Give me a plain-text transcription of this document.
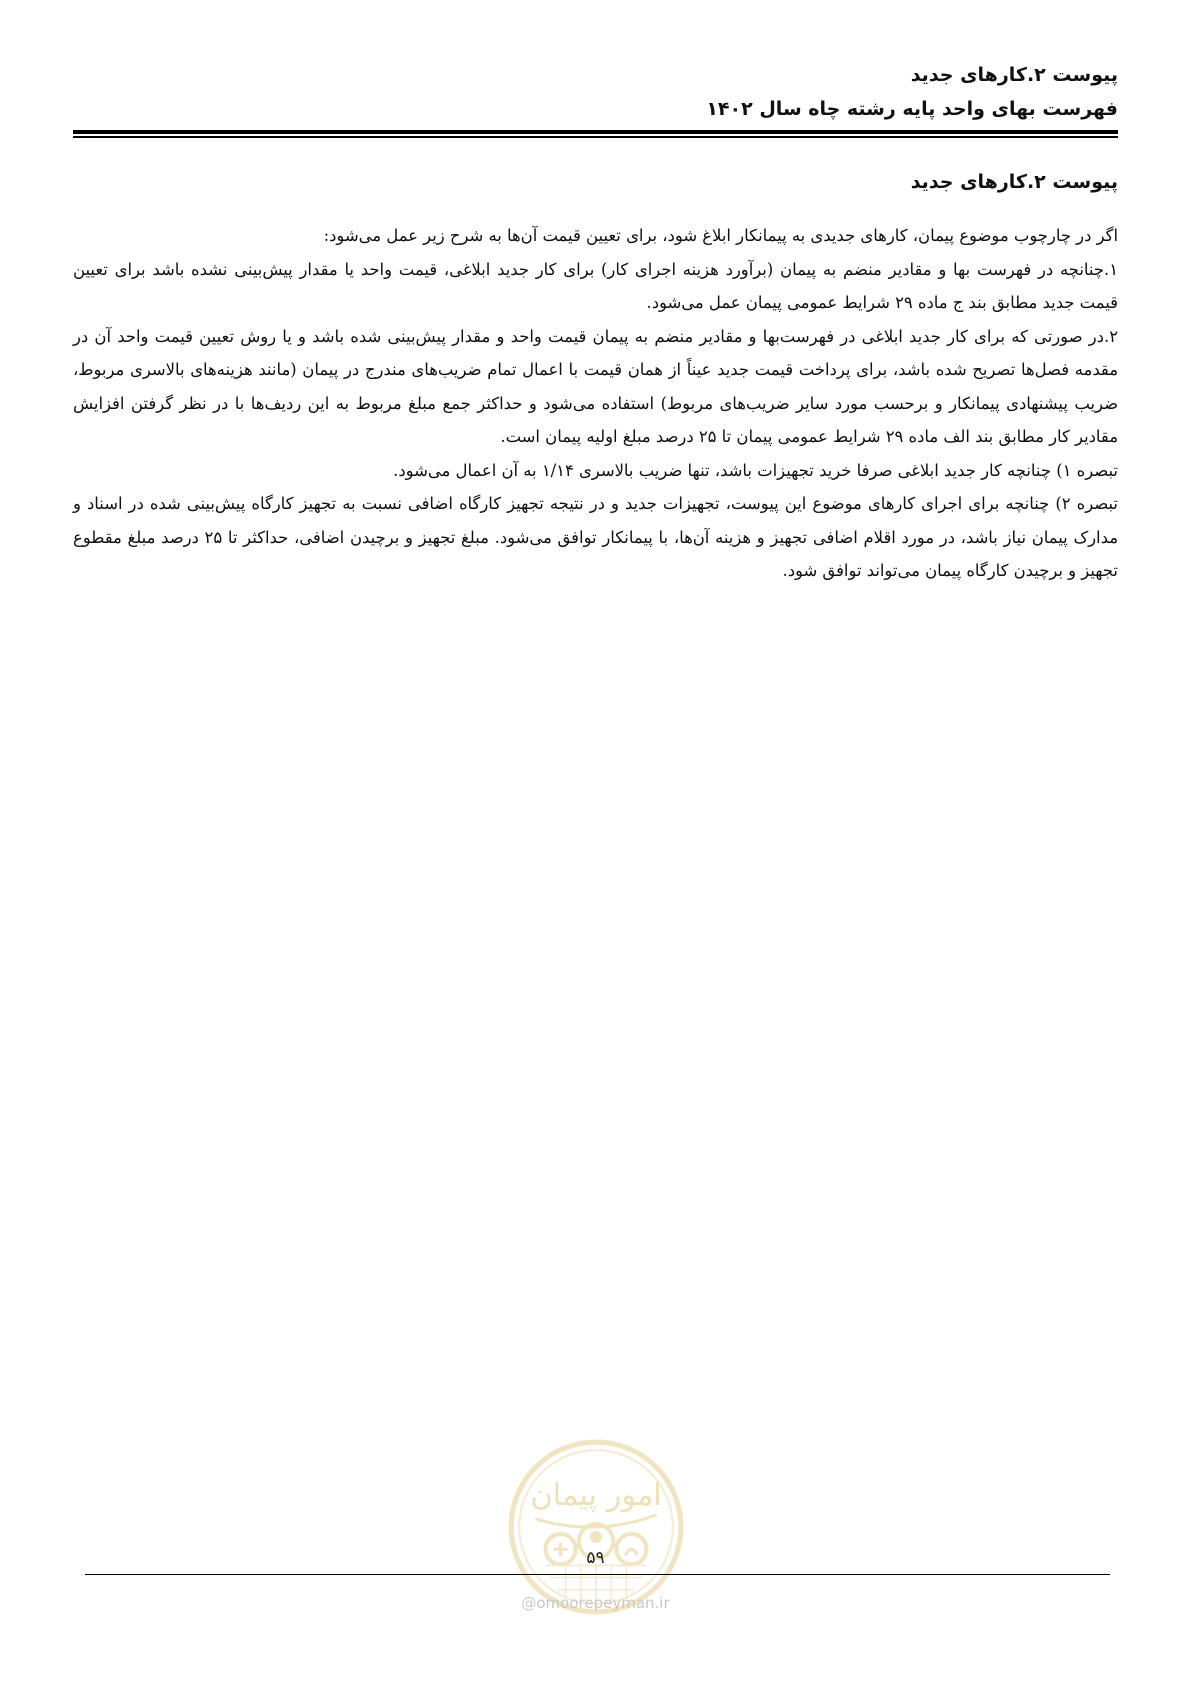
پیوست ۲.کارهای جدید
فهرست بهای واحد پایه رشته چاه سال ۱۴۰۲
پیوست ۲.کارهای جدید

اگر در چارچوب موضوع پیمان، کارهای جدیدی به پیمانکار ابلاغ شود، برای تعیین قیمت آن‌ها به شرح زیر عمل می‌شود:

۱.چنانچه در فهرست بها و مقادیر منضم به پیمان (برآورد هزینه اجرای کار) برای کار جدید ابلاغی، قیمت واحد یا مقدار پیش‌بینی نشده باشد برای تعیین قیمت جدید مطابق بند ج ماده ۲۹ شرایط عمومی پیمان عمل می‌شود.

۲.در صورتی که برای کار جدید ابلاغی در فهرست‌بها و مقادیر منضم به پیمان قیمت واحد و مقدار پیش‌بینی شده باشد و یا روش تعیین قیمت واحد آن در مقدمه فصل‌ها تصریح شده باشد، برای پرداخت قیمت جدید عیناً از همان قیمت با اعمال تمام ضریب‌های مندرج در پیمان (مانند هزینه‌های بالاسری مربوط، ضریب پیشنهادی پیمانکار و برحسب مورد سایر ضریب‌های مربوط) استفاده می‌شود و حداکثر جمع مبلغ مربوط به این ردیف‌ها با در نظر گرفتن افزایش مقادیر کار مطابق بند الف ماده ۲۹ شرایط عمومی پیمان تا ۲۵ درصد مبلغ اولیه پیمان است.

تبصره ۱) چنانچه کار جدید ابلاغی صرفا خرید تجهیزات باشد، تنها ضریب بالاسری ۱/۱۴ به آن اعمال می‌شود.

تبصره ۲) چنانچه برای اجرای کارهای موضوع این پیوست، تجهیزات جدید و در نتیجه تجهیز کارگاه اضافی نسبت به تجهیز کارگاه پیش‌بینی شده در اسناد و مدارک پیمان نیاز باشد، در مورد اقلام اضافی تجهیز و هزینه آن‌ها، با پیمانکار توافق می‌شود. مبلغ تجهیز و برچیدن اضافی، حداکثر تا ۲۵ درصد مبلغ مقطوع تجهیز و برچیدن کارگاه پیمان می‌تواند توافق شود.

امور پیمان
۵۹
@omoorepeyman.ir
